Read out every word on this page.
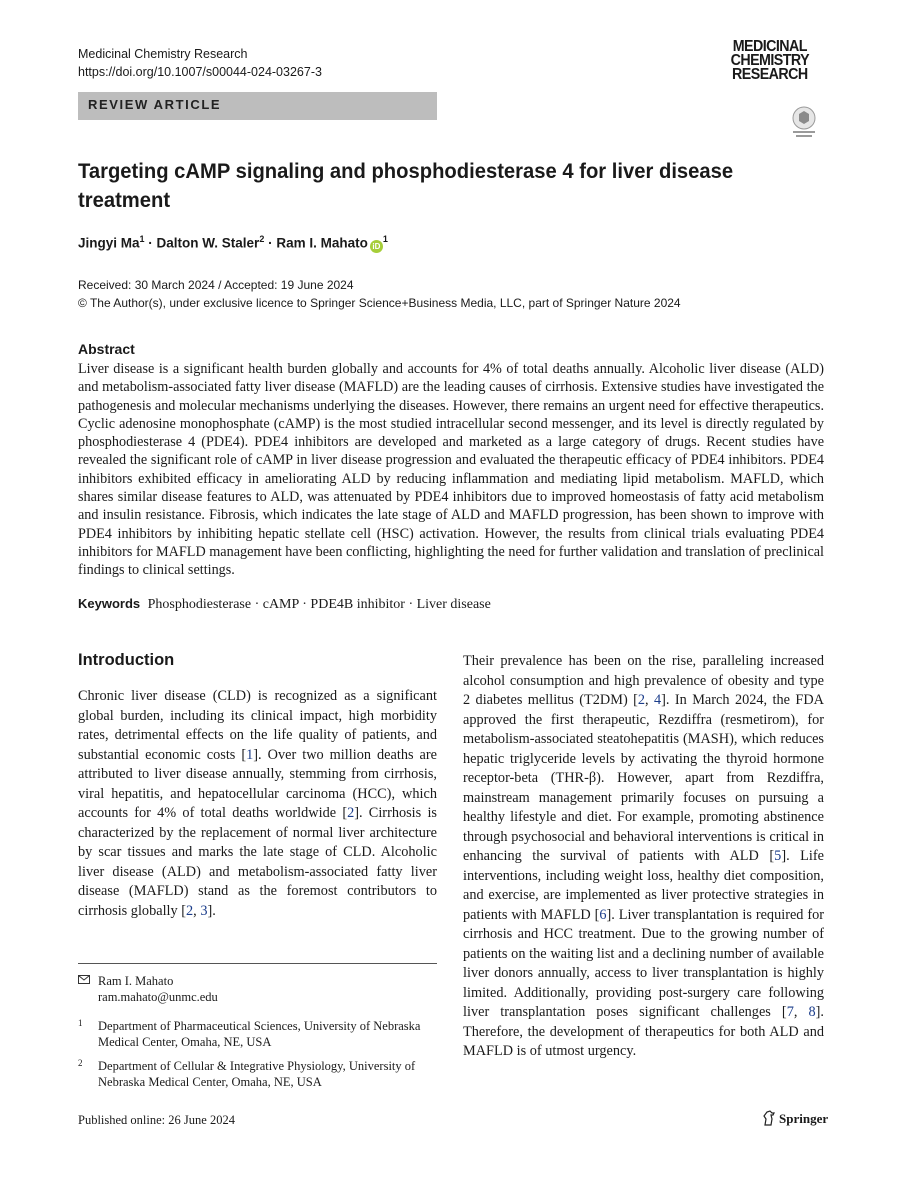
Medicinal Chemistry Research
https://doi.org/10.1007/s00044-024-03267-3
MEDICINAL
CHEMISTRY
RESEARCH
REVIEW ARTICLE
Targeting cAMP signaling and phosphodiesterase 4 for liver disease treatment
Jingyi $Ma^1$ · Dalton W. Staler$^2$ · Ram I. Mahato $iD^1$
Received: 30 March 2024 / Accepted: 19 June 2024
© The Author(s), under exclusive licence to Springer Science+Business Media, LLC, part of Springer Nature 2024
Abstract
Liver disease is a significant health burden globally and accounts for 4% of total deaths annually. Alcoholic liver disease (ALD) and metabolism-associated fatty liver disease (MAFLD) are the leading causes of cirrhosis. Extensive studies have investigated the pathogenesis and molecular mechanisms underlying the diseases. However, there remains an urgent need for effective therapeutics. Cyclic adenosine monophosphate (cAMP) is the most studied intracellular second messenger, and its level is directly regulated by phosphodiesterase 4 (PDE4). PDE4 inhibitors are developed and marketed as a large category of drugs. Recent studies have revealed the significant role of cAMP in liver disease progression and evaluated the therapeutic efficacy of PDE4 inhibitors. PDE4 inhibitors exhibited efficacy in ameliorating ALD by reducing inflammation and mediating lipid metabolism. MAFLD, which shares similar disease features to ALD, was attenuated by PDE4 inhibitors due to improved homeostasis of fatty acid metabolism and insulin resistance. Fibrosis, which indicates the late stage of ALD and MAFLD progression, has been shown to improve with PDE4 inhibitors by inhibiting hepatic stellate cell (HSC) activation. However, the results from clinical trials evaluating PDE4 inhibitors for MAFLD management have been conflicting, highlighting the need for further validation and translation of preclinical findings to clinical settings.
Keywords Phosphodiesterase · cAMP · PDE4B inhibitor · Liver disease
Introduction

Chronic liver disease (CLD) is recognized as a significant global burden, including its clinical impact, high morbidity rates, detrimental effects on the life quality of patients, and substantial economic costs [1]. Over two million deaths are attributed to liver disease annually, stemming from cirrhosis, viral hepatitis, and hepatocellular carcinoma (HCC), which accounts for 4% of total deaths worldwide [2]. Cirrhosis is characterized by the replacement of normal liver architecture by scar tissues and marks the late stage of CLD. Alcoholic liver disease (ALD) and metabolism-associated fatty liver disease (MAFLD) stand as the foremost contributors to cirrhosis globally [2, 3].

Their prevalence has been on the rise, paralleling increased alcohol consumption and high prevalence of obesity and type 2 diabetes mellitus (T2DM) [2, 4]. In March 2024, the FDA approved the first therapeutic, Rezdiffra (resmetirom), for metabolism-associated steatohepatitis (MASH), which reduces hepatic triglyceride levels by activating the thyroid hormone receptor-beta (THR-β). However, apart from Rezdiffra, mainstream management primarily focuses on pursuing a healthy lifestyle and diet. For example, promoting abstinence through psychosocial and behavioral interventions is critical in enhancing the survival of patients with ALD [5]. Life interventions, including weight loss, healthy diet composition, and exercise, are implemented as liver protective strategies in patients with MAFLD [6]. Liver transplantation is required for cirrhosis and HCC treatment. Due to the growing number of patients on the waiting list and a declining number of available liver donors annually, access to liver transplantation is highly limited. Additionally, providing post-surgery care following liver transplantation poses significant challenges [7, 8]. Therefore, the development of therapeutics for both ALD and MAFLD is of utmost urgency.

Ram I. Mahato
ram.mahato@unmc.edu
1 Department of Pharmaceutical Sciences, University of Nebraska Medical Center, Omaha, NE, USA
2 Department of Cellular & Integrative Physiology, University of Nebraska Medical Center, Omaha, NE, USA
Published online: 26 June 2024	Springer
